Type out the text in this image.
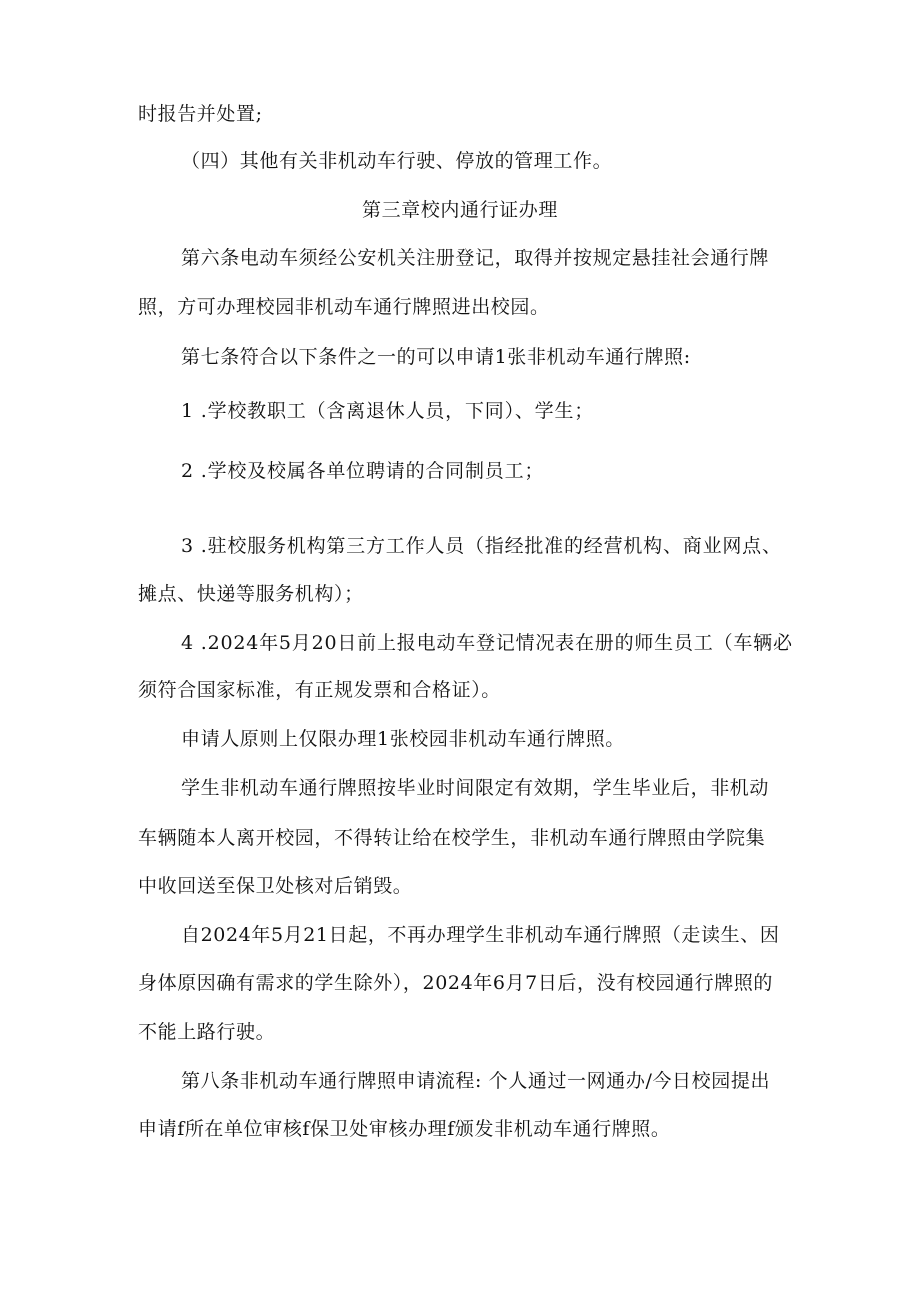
时报告并处置;
（四）其他有关非机动车行驶、停放的管理工作。
第三章校内通行证办理
第六条电动车须经公安机关注册登记，取得并按规定悬挂社会通行牌
照，方可办理校园非机动车通行牌照进出校园。
第七条符合以下条件之一的可以申请1张非机动车通行牌照:
1 .学校教职工（含离退休人员，下同）、学生；
2 .学校及校属各单位聘请的合同制员工；
3 .驻校服务机构第三方工作人员（指经批准的经营机构、商业网点、
摊点、快递等服务机构）；
4 .2024年5月20日前上报电动车登记情况表在册的师生员工（车辆必
须符合国家标准，有正规发票和合格证）。
申请人原则上仅限办理1张校园非机动车通行牌照。
学生非机动车通行牌照按毕业时间限定有效期，学生毕业后，非机动
车辆随本人离开校园，不得转让给在校学生，非机动车通行牌照由学院集
中收回送至保卫处核对后销毁。
自2024年5月21日起，不再办理学生非机动车通行牌照（走读生、因
身体原因确有需求的学生除外），2024年6月7日后，没有校园通行牌照的
不能上路行驶。
第八条非机动车通行牌照申请流程: 个人通过一网通办/今日校园提出
申请f所在单位审核f保卫处审核办理f颁发非机动车通行牌照。
